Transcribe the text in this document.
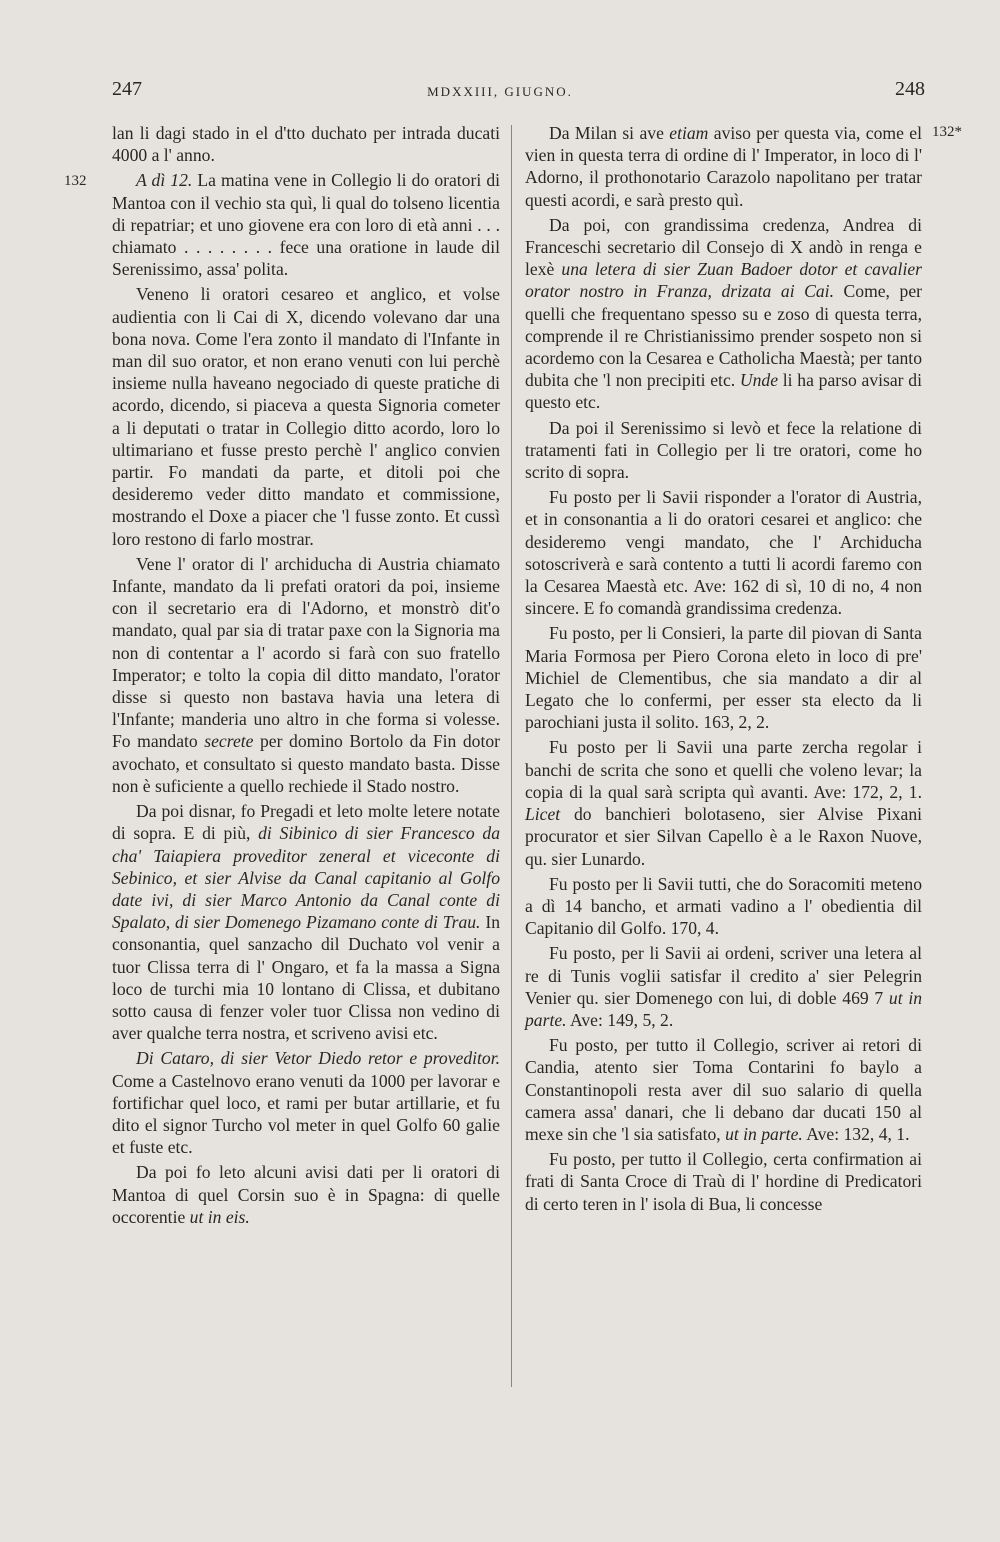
247	MDXXIII, GIUGNO.	248
132
132*

lan li dagi stado in el d'tto duchato per intrada ducati 4000 a l' anno.

A dì 12. La matina vene in Collegio li do oratori di Mantoa con il vechio sta quì, li qual do tolseno licentia di repatriar; et uno giovene era con loro di età anni . . . chiamato . . . . . . . . fece una oratione in laude dil Serenissimo, assa' polita.

Veneno li oratori cesareo et anglico, et volse audientia con li Cai di X, dicendo volevano dar una bona nova. Come l'era zonto il mandato di l'Infante in man dil suo orator, et non erano venuti con lui perchè insieme nulla haveano negociado di queste pratiche di acordo, dicendo, si piaceva a questa Signoria cometer a li deputati o tratar in Collegio ditto acordo, loro lo ultimariano et fusse presto perchè l' anglico convien partir. Fo mandati da parte, et ditoli poi che desideremo veder ditto mandato et commissione, mostrando el Doxe a piacer che 'l fusse zonto. Et cussì loro restono di farlo mostrar.

Vene l' orator di l' archiducha di Austria chiamato Infante, mandato da li prefati oratori da poi, insieme con il secretario era di l'Adorno, et monstrò dit'o mandato, qual par sia di tratar paxe con la Signoria ma non di contentar a l' acordo si farà con suo fratello Imperator; e tolto la copia dil ditto mandato, l'orator disse si questo non bastava havia una letera di l'Infante; manderia uno altro in che forma si volesse. Fo mandato secrete per domino Bortolo da Fin dotor avochato, et consultato si questo mandato basta. Disse non è suficiente a quello rechiede il Stado nostro.

Da poi disnar, fo Pregadi et leto molte letere notate di sopra. E di più, di Sibinico di sier Francesco da cha' Taiapiera proveditor zeneral et viceconte di Sebinico, et sier Alvise da Canal capitanio al Golfo date ivi, di sier Marco Antonio da Canal conte di Spalato, di sier Domenego Pizamano conte di Trau. In consonantia, quel sanzacho dil Duchato vol venir a tuor Clissa terra di l' Ongaro, et fa la massa a Signa loco de turchi mia 10 lontano di Clissa, et dubitano sotto causa di fenzer voler tuor Clissa non vedino di aver qualche terra nostra, et scriveno avisi etc.

Di Cataro, di sier Vetor Diedo retor e proveditor. Come a Castelnovo erano venuti da 1000 per lavorar e fortifichar quel loco, et rami per butar artillarie, et fu dito el signor Turcho vol meter in quel Golfo 60 galie et fuste etc.

Da poi fo leto alcuni avisi dati per li oratori di Mantoa di quel Corsin suo è in Spagna: di quelle occorentie ut in eis.

Da Milan si ave etiam aviso per questa via, come el vien in questa terra di ordine di l' Imperator, in loco di l' Adorno, il prothonotario Carazolo napolitano per tratar questi acordi, e sarà presto quì.

Da poi, con grandissima credenza, Andrea di Franceschi secretario dil Consejo di X andò in renga e lexè una letera di sier Zuan Badoer dotor et cavalier orator nostro in Franza, drizata ai Cai. Come, per quelli che frequentano spesso su e zoso di questa terra, comprende il re Christianissimo prender sospeto non si acordemo con la Cesarea e Catholicha Maestà; per tanto dubita che 'l non precipiti etc. Unde li ha parso avisar di questo etc.

Da poi il Serenissimo si levò et fece la relatione di tratamenti fati in Collegio per li tre oratori, come ho scrito di sopra.

Fu posto per li Savii risponder a l'orator di Austria, et in consonantia a li do oratori cesarei et anglico: che desideremo vengi mandato, che l' Archiducha sotoscriverà e sarà contento a tutti li acordi faremo con la Cesarea Maestà etc. Ave: 162 di sì, 10 di no, 4 non sincere. E fo comandà grandissima credenza.

Fu posto, per li Consieri, la parte dil piovan di Santa Maria Formosa per Piero Corona eleto in loco di pre' Michiel de Clementibus, che sia mandato a dir al Legato che lo confermi, per esser sta electo da li parochiani justa il solito. 163, 2, 2.

Fu posto per li Savii una parte zercha regolar i banchi de scrita che sono et quelli che voleno levar; la copia di la qual sarà scripta quì avanti. Ave: 172, 2, 1. Licet do banchieri bolotaseno, sier Alvise Pixani procurator et sier Silvan Capello è a le Raxon Nuove, qu. sier Lunardo.

Fu posto per li Savii tutti, che do Soracomiti meteno a dì 14 bancho, et armati vadino a l' obedientia dil Capitanio dil Golfo. 170, 4.

Fu posto, per li Savii ai ordeni, scriver una letera al re di Tunis voglii satisfar il credito a' sier Pelegrin Venier qu. sier Domenego con lui, di doble 469 7 ut in parte. Ave: 149, 5, 2.

Fu posto, per tutto il Collegio, scriver ai retori di Candia, atento sier Toma Contarini fo baylo a Constantinopoli resta aver dil suo salario di quella camera assa' danari, che li debano dar ducati 150 al mexe sin che 'l sia satisfato, ut in parte. Ave: 132, 4, 1.

Fu posto, per tutto il Collegio, certa confirmation ai frati di Santa Croce di Traù di l' hordine di Predicatori di certo teren in l' isola di Bua, li concesse
